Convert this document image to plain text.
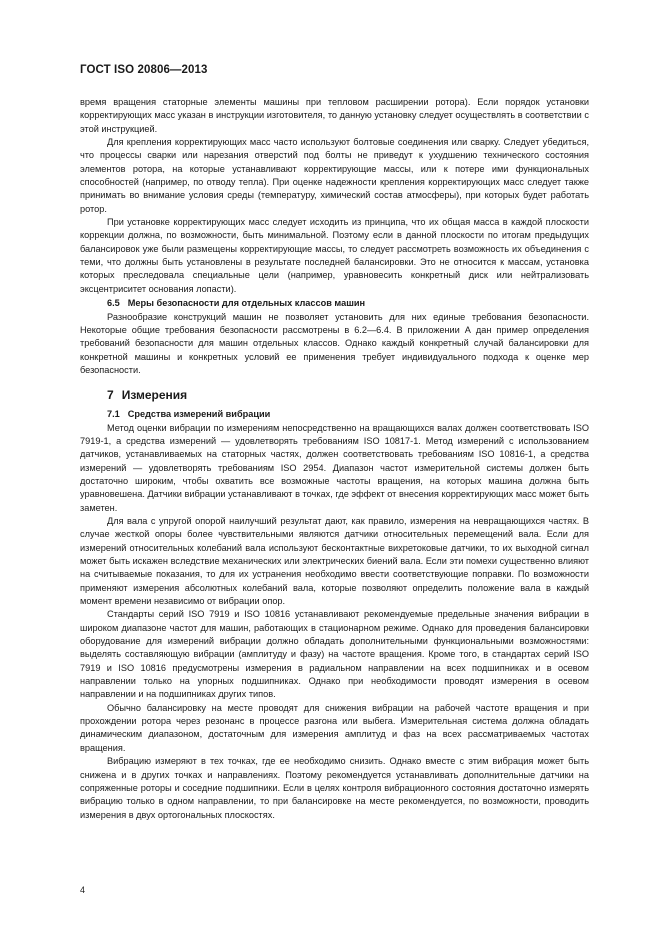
ГОСТ ISO 20806—2013

время вращения статорные элементы машины при тепловом расширении ротора). Если порядок установки корректирующих масс указан в инструкции изготовителя, то данную установку следует осуществлять в соответствии с этой инструкцией.

Для крепления корректирующих масс часто используют болтовые соединения или сварку. Следует убедиться, что процессы сварки или нарезания отверстий под болты не приведут к ухудшению технического состояния элементов ротора, на которые устанавливают корректирующие массы, или к потере ими функциональных способностей (например, по отводу тепла). При оценке надежности крепления корректирующих масс следует также принимать во внимание условия среды (температуру, химический состав атмосферы), при которых будет работать ротор.

При установке корректирующих масс следует исходить из принципа, что их общая масса в каждой плоскости коррекции должна, по возможности, быть минимальной. Поэтому если в данной плоскости по итогам предыдущих балансировок уже были размещены корректирующие массы, то следует рассмотреть возможность их объединения с теми, что должны быть установлены в результате последней балансировки. Это не относится к массам, установка которых преследовала специальные цели (например, уравновесить конкретный диск или нейтрализовать эксцентриситет основания лопасти).

6.5 Меры безопасности для отдельных классов машин

Разнообразие конструкций машин не позволяет установить для них единые требования безопасности. Некоторые общие требования безопасности рассмотрены в 6.2—6.4. В приложении А дан пример определения требований безопасности для машин отдельных классов. Однако каждый конкретный случай балансировки для конкретной машины и конкретных условий ее применения требует индивидуального подхода к оценке мер безопасности.

7 Измерения
7.1 Средства измерений вибрации

Метод оценки вибрации по измерениям непосредственно на вращающихся валах должен соответствовать ISO 7919-1, а средства измерений — удовлетворять требованиям ISO 10817-1. Метод измерений с использованием датчиков, устанавливаемых на статорных частях, должен соответствовать требованиям ISO 10816-1, а средства измерений — удовлетворять требованиям ISO 2954. Диапазон частот измерительной системы должен быть достаточно широким, чтобы охватить все возможные частоты вращения, на которых машина должна быть уравновешена. Датчики вибрации устанавливают в точках, где эффект от внесения корректирующих масс может быть заметен.

Для вала с упругой опорой наилучший результат дают, как правило, измерения на невращающихся частях. В случае жесткой опоры более чувствительными являются датчики относительных перемещений вала. Если для измерений относительных колебаний вала используют бесконтактные вихретоковые датчики, то их выходной сигнал может быть искажен вследствие механических или электрических биений вала. Если эти помехи существенно влияют на считываемые показания, то для их устранения необходимо ввести соответствующие поправки. По возможности применяют измерения абсолютных колебаний вала, которые позволяют определить положение вала в каждый момент времени независимо от вибрации опор.

Стандарты серий ISO 7919 и ISO 10816 устанавливают рекомендуемые предельные значения вибрации в широком диапазоне частот для машин, работающих в стационарном режиме. Однако для проведения балансировки оборудование для измерений вибрации должно обладать дополнительными функциональными возможностями: выделять составляющую вибрации (амплитуду и фазу) на частоте вращения. Кроме того, в стандартах серий ISO 7919 и ISO 10816 предусмотрены измерения в радиальном направлении на всех подшипниках и в осевом направлении только на упорных подшипниках. Однако при необходимости проводят измерения в осевом направлении и на подшипниках других типов.

Обычно балансировку на месте проводят для снижения вибрации на рабочей частоте вращения и при прохождении ротора через резонанс в процессе разгона или выбега. Измерительная система должна обладать динамическим диапазоном, достаточным для измерения амплитуд и фаз на всех рассматриваемых частотах вращения.

Вибрацию измеряют в тех точках, где ее необходимо снизить. Однако вместе с этим вибрация может быть снижена и в других точках и направлениях. Поэтому рекомендуется устанавливать дополнительные датчики на сопряженные роторы и соседние подшипники. Если в целях контроля вибрационного состояния достаточно измерять вибрацию только в одном направлении, то при балансировке на месте рекомендуется, по возможности, проводить измерения в двух ортогональных плоскостях.

4
